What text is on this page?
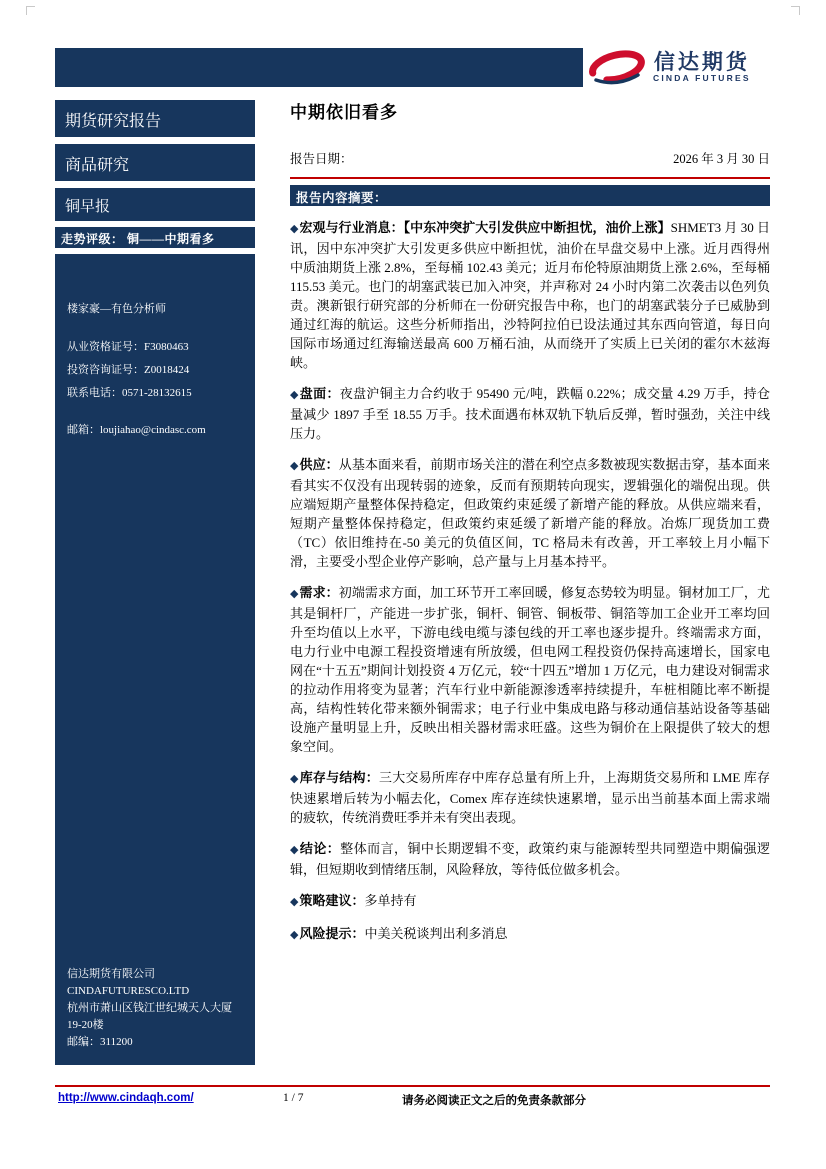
信达期货
CINDA FUTURES
期货研究报告
商品研究
铜早报
走势评级： 铜——中期看多
楼家豪—有色分析师
从业资格证号：F3080463
投资咨询证号：Z0018424
联系电话：0571-28132615
邮箱：loujiahao@cindasc.com
信达期货有限公司
CINDAFUTURESCO.LTD
杭州市萧山区钱江世纪城天人大厦19-20楼
邮编：311200
中期依旧看多
报告日期：	2026 年 3 月 30 日
报告内容摘要：

◆宏观与行业消息：【中东冲突扩大引发供应中断担忧，油价上涨】SHMET3 月 30 日讯，因中东冲突扩大引发更多供应中断担忧，油价在早盘交易中上涨。近月西得州中质油期货上涨 2.8%，至每桶 102.43 美元；近月布伦特原油期货上涨 2.6%，至每桶 115.53 美元。也门的胡塞武装已加入冲突，并声称对 24 小时内第二次袭击以色列负责。澳新银行研究部的分析师在一份研究报告中称，也门的胡塞武装分子已威胁到通过红海的航运。这些分析师指出，沙特阿拉伯已设法通过其东西向管道，每日向国际市场通过红海输送最高 600 万桶石油，从而绕开了实质上已关闭的霍尔木兹海峡。

◆盘面：夜盘沪铜主力合约收于 95490 元/吨，跌幅 0.22%；成交量 4.29 万手，持仓量减少 1897 手至 18.55 万手。技术面遇布林双轨下轨后反弹，暂时强劲，关注中线压力。

◆供应：从基本面来看，前期市场关注的潜在利空点多数被现实数据击穿，基本面来看其实不仅没有出现转弱的迹象，反而有预期转向现实，逻辑强化的端倪出现。供应端短期产量整体保持稳定，但政策约束延缓了新增产能的释放。从供应端来看，短期产量整体保持稳定，但政策约束延缓了新增产能的释放。冶炼厂现货加工费（TC）依旧维持在-50 美元的负值区间，TC 格局未有改善，开工率较上月小幅下滑，主要受小型企业停产影响，总产量与上月基本持平。

◆需求：初端需求方面，加工环节开工率回暖，修复态势较为明显。铜材加工厂，尤其是铜杆厂，产能进一步扩张，铜杆、铜管、铜板带、铜箔等加工企业开工率均回升至均值以上水平，下游电线电缆与漆包线的开工率也逐步提升。终端需求方面，电力行业中电源工程投资增速有所放缓，但电网工程投资仍保持高速增长，国家电网在“十五五”期间计划投资 4 万亿元，较“十四五”增加 1 万亿元，电力建设对铜需求的拉动作用将变为显著；汽车行业中新能源渗透率持续提升，车桩相随比率不断提高，结构性转化带来额外铜需求；电子行业中集成电路与移动通信基站设备等基础设施产量明显上升，反映出相关器材需求旺盛。这些为铜价在上限提供了较大的想象空间。

◆库存与结构：三大交易所库存中库存总量有所上升，上海期货交易所和 LME 库存快速累增后转为小幅去化，Comex 库存连续快速累增，显示出当前基本面上需求端的疲软，传统消费旺季并未有突出表现。

◆结论：整体而言，铜中长期逻辑不变，政策约束与能源转型共同塑造中期偏强逻辑，但短期收到情绪压制，风险释放，等待低位做多机会。

◆策略建议：多单持有

◆风险提示：中美关税谈判出利多消息

http://www.cindaqh.com/	1 / 7	请务必阅读正文之后的免责条款部分
